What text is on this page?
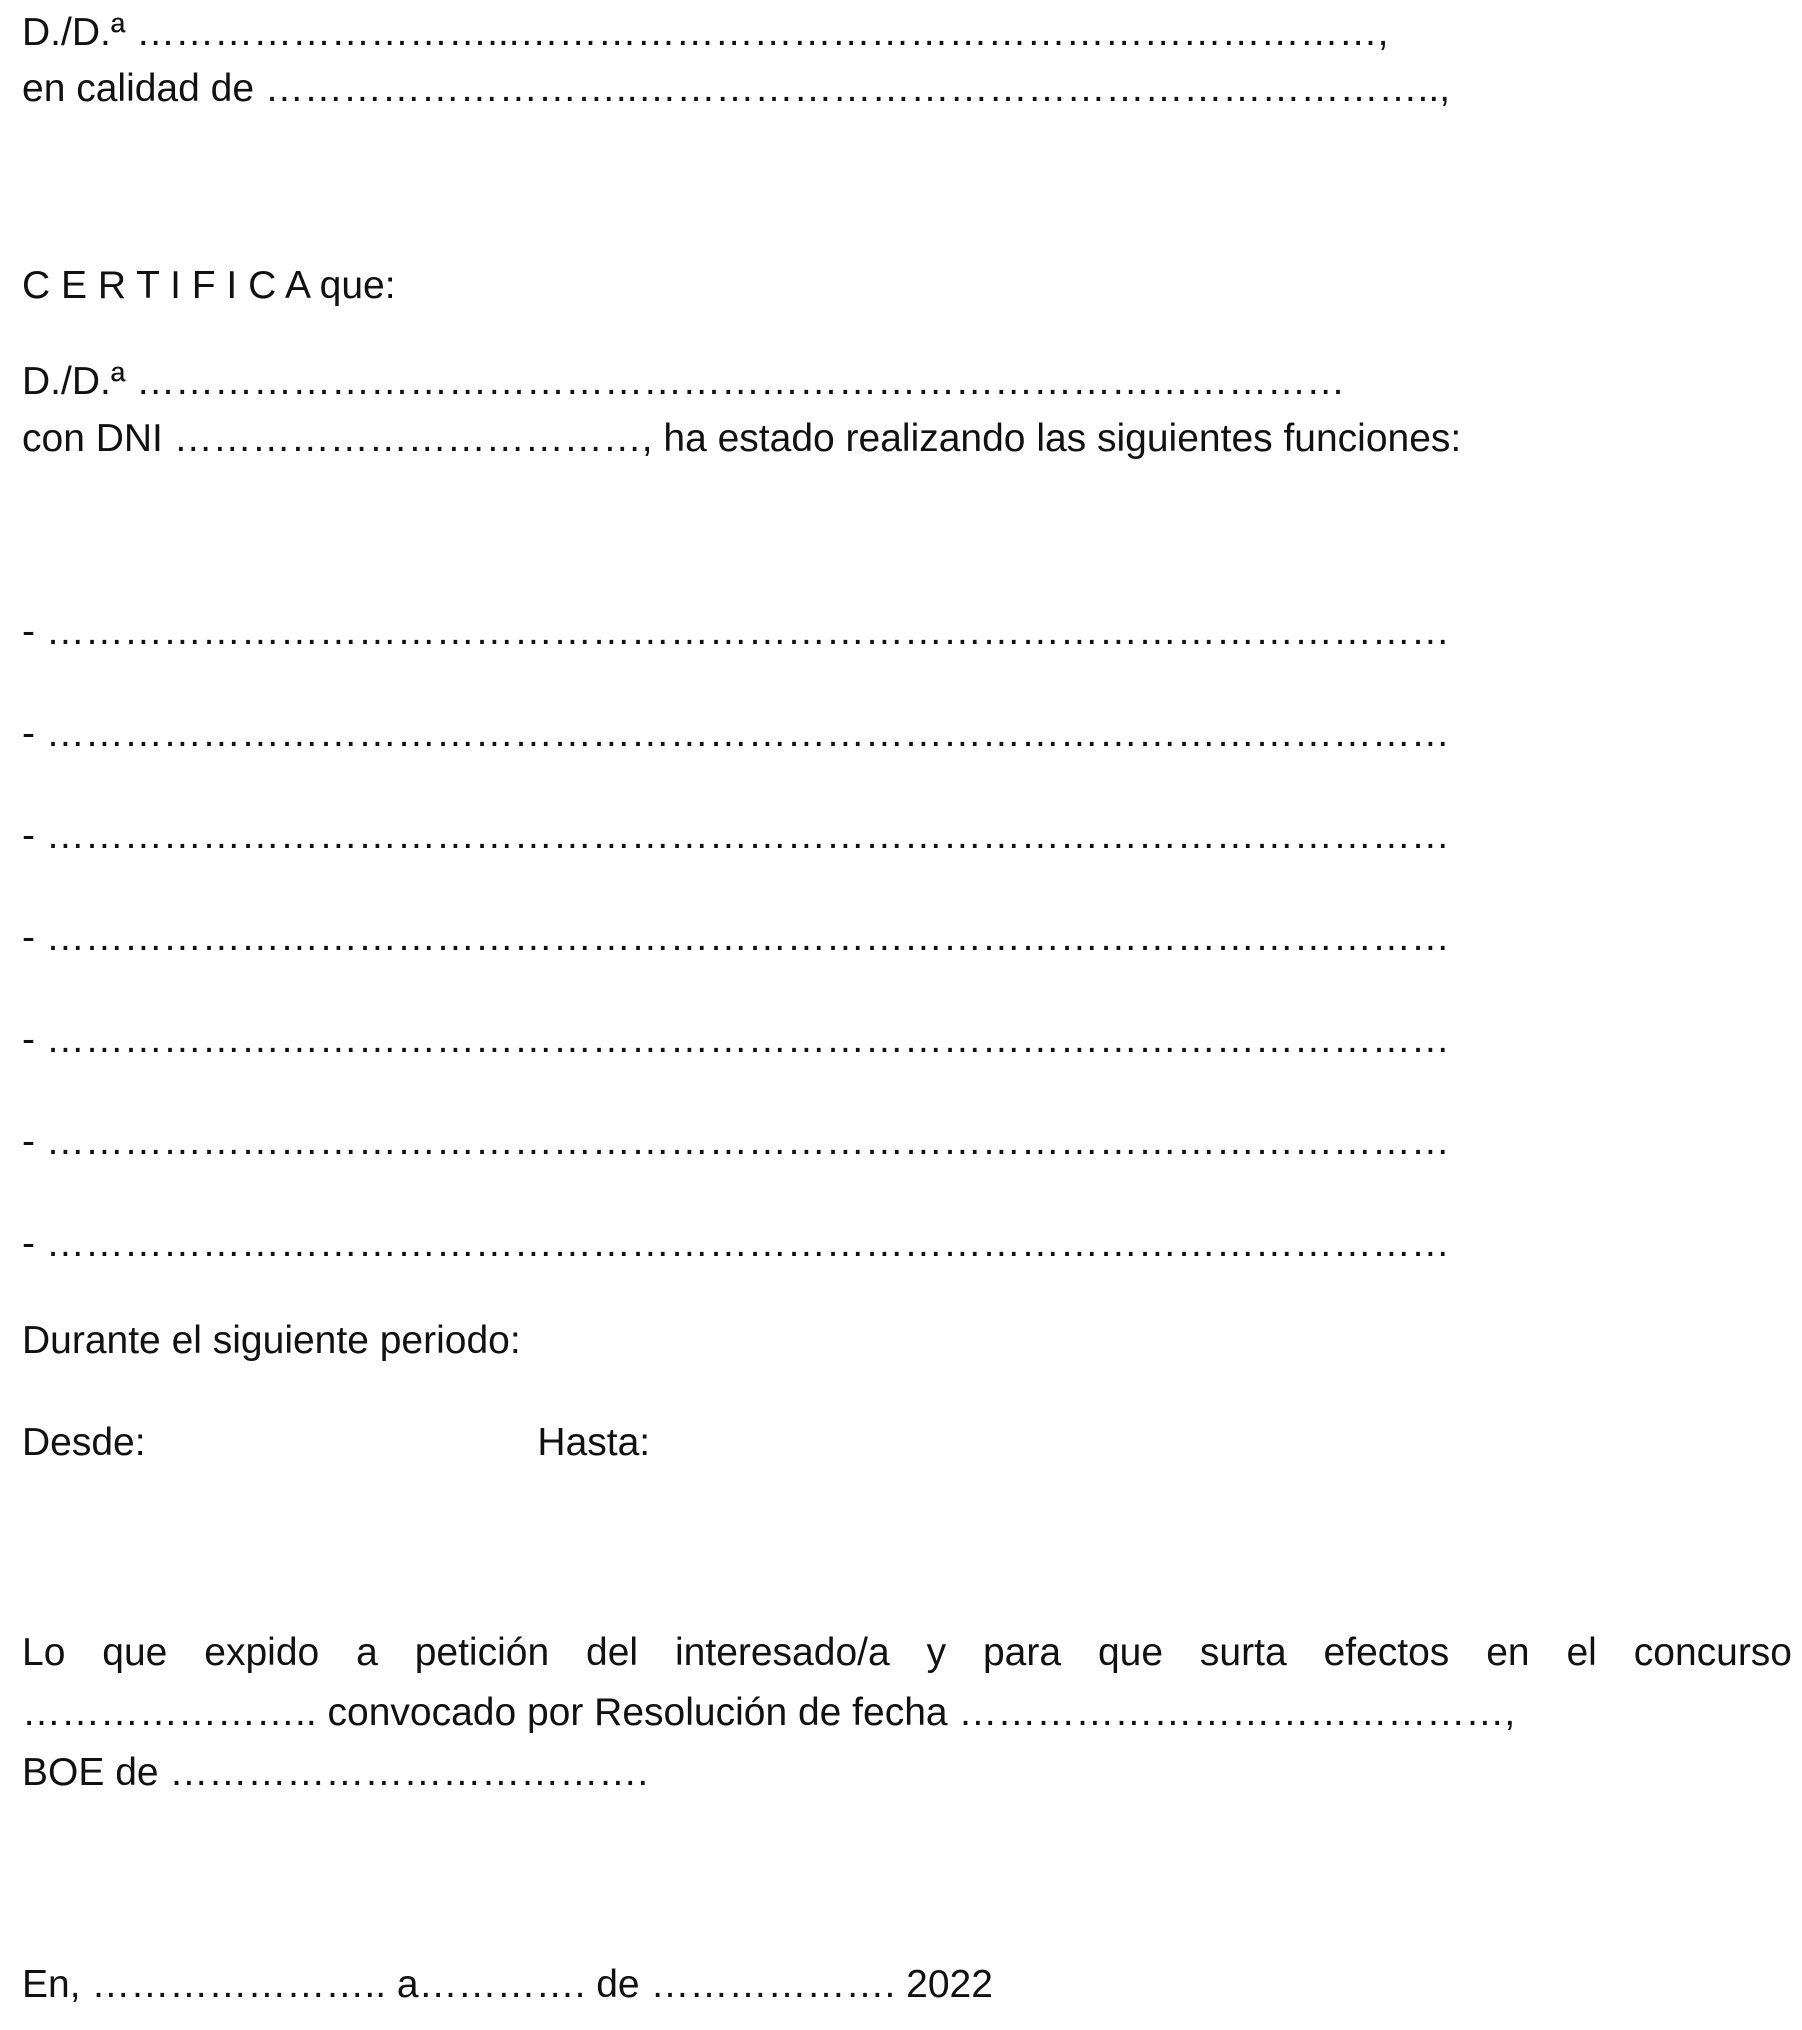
D./D.ª ………………………...…………………………………………………………,
en calidad de ………………………..……………………………………………………..,
C E R T I F I C A que:
D./D.ª …………………………………………………………………………………
con DNI ………………………………, ha estado realizando las siguientes funciones:
- ………………………………………………………………………………………………
- ………………………………………………………………………………………………
- ………………………………………………………………………………………………
- ………………………………………………………………………………………………
- ………………………………………………………………………………………………
- ………………………………………………………………………………………………
- ………………………………………………………………………………………………
Durante el siguiente periodo:
Desde:	Hasta:
Lo que expido a petición del interesado/a y para que surta efectos en el concurso
………………….. convocado por Resolución de fecha ……………………………………,
BOE de ……………………………….
En, ………………….. a…………. de ………………. 2022
